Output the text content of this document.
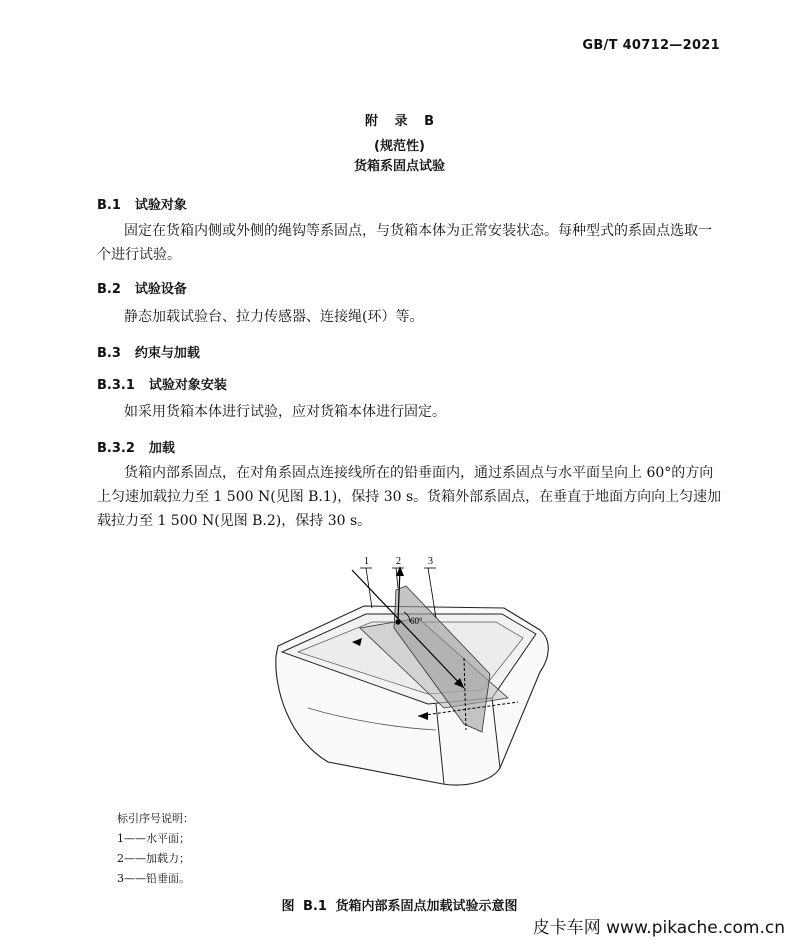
GB/T 40712—2021
附 录 B
(规范性)
货箱系固点试验
B.1 试验对象
固定在货箱内侧或外侧的绳钩等系固点，与货箱本体为正常安装状态。每种型式的系固点选取一个进行试验。
B.2 试验设备
静态加载试验台、拉力传感器、连接绳(环）等。
B.3 约束与加载
B.3.1 试验对象安装
如采用货箱本体进行试验，应对货箱本体进行固定。
B.3.2 加载
货箱内部系固点，在对角系固点连接线所在的铅垂面内，通过系固点与水平面呈向上 60°的方向上匀速加载拉力至 1 500 N(见图 B.1)，保持 30 s。货箱外部系固点，在垂直于地面方向向上匀速加载拉力至 1 500 N(见图 B.2)，保持 30 s。
60°
1	2	3
标引序号说明：
1——水平面；
2——加载力；
3——铅垂面。
图 B.1 货箱内部系固点加载试验示意图
皮卡车网 www.pikache.com.cn
